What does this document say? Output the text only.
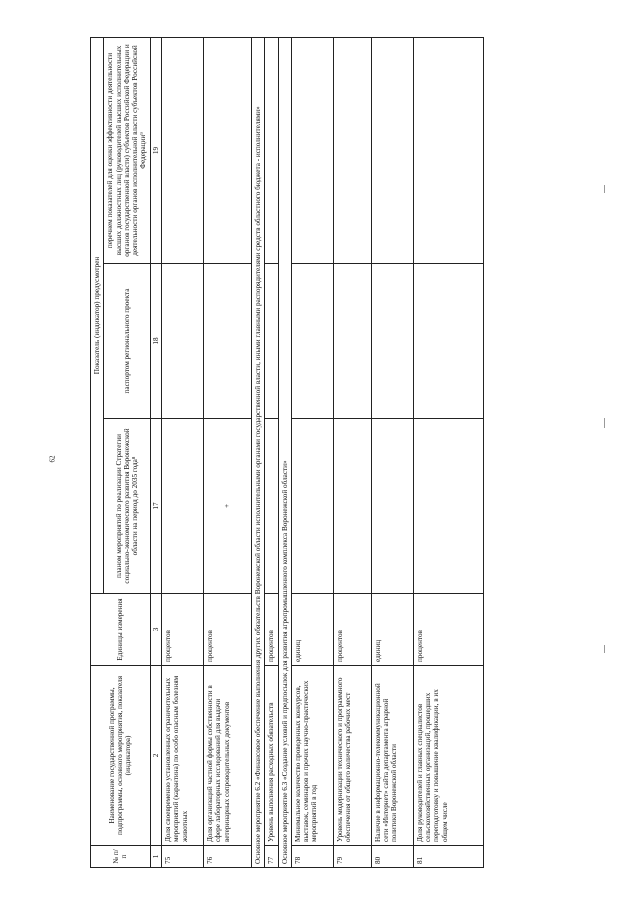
62
№ п/п	Наименование государственной программы, подпрограммы, основного мероприятия, показателя (индикатора)	Единицы измерения	Показатель (индикатор) предусмотрен		
			планом мероприятий по реализации Стратегии социально-экономического развития Воронежской области на период до 2035 года⁸	паспортом регионального проекта	перечнем показателей для оценки эффективности деятельности высших должностных лиц (руководителей высших исполнительных органов государственной власти) субъектов Российской Федерации и деятельности органов исполнительной власти субъектов Российской Федерации⁹
1	2	3	17	18	19
75	Доля своевременно установленных ограничительных мероприятий (карантина) по особо опасным болезням животных	процентов			
76	Доля организаций частной формы собственности в сфере лабораторных исследований для выдачи ветеринарных сопроводительных документов	процентов	+		
Основное мероприятие 6.2 «Финансовое обеспечение выполнения других обязательств Воронежской области исполнительными органами государственной власти, иными главными распорядителями средств областного бюджета - исполнителями»					
77	Уровень выполнения расходных обязательств	процентов			
Основное мероприятие 6.3 «Создание условий и предпосылок для развития агропромышленного комплекса Воронежской области»					
78	Минимальное количество проведенных конкурсов, выставок, семинаров и прочих научно-практических мероприятий в год	единиц			
79	Уровень модернизации технического и программного обеспечения от общего количества рабочих мест	процентов			
80	Наличие в информационно-телекоммуникационной сети «Интернет» сайта департамента аграрной политики Воронежской области	единиц			
81	Доля руководителей и главных специалистов сельскохозяйственных организаций, прошедших переподготовку и повышение квалификации, в их общем числе	процентов			
